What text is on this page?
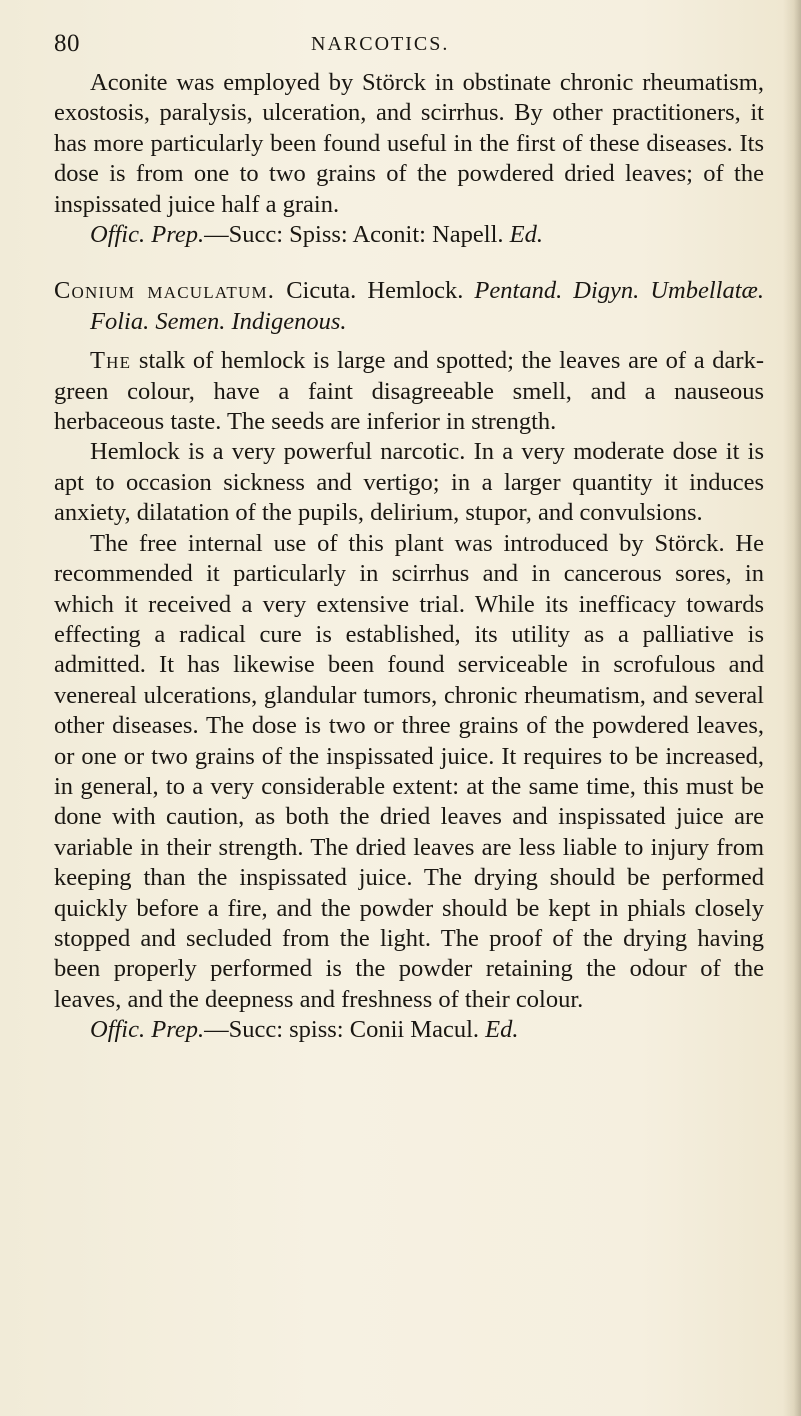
80	NARCOTICS.

Aconite was employed by Störck in obstinate chronic rheumatism, exostosis, paralysis, ulceration, and scirrhus. By other practitioners, it has more particularly been found useful in the first of these diseases. Its dose is from one to two grains of the powdered dried leaves; of the inspissated juice half a grain.

Offic. Prep.—Succ: Spiss: Aconit: Napell. Ed.

Conium maculatum. Cicuta. Hemlock. Pentand. Digyn. Umbellatæ. Folia. Semen. Indigenous.

The stalk of hemlock is large and spotted; the leaves are of a dark-green colour, have a faint disagreeable smell, and a nauseous herbaceous taste. The seeds are inferior in strength.

Hemlock is a very powerful narcotic. In a very moderate dose it is apt to occasion sickness and vertigo; in a larger quantity it induces anxiety, dilatation of the pupils, delirium, stupor, and convulsions.

The free internal use of this plant was introduced by Störck. He recommended it particularly in scirrhus and in cancerous sores, in which it received a very extensive trial. While its inefficacy towards effecting a radical cure is established, its utility as a palliative is admitted. It has likewise been found serviceable in scrofulous and venereal ulcerations, glandular tumors, chronic rheumatism, and several other diseases. The dose is two or three grains of the powdered leaves, or one or two grains of the inspissated juice. It requires to be increased, in general, to a very considerable extent: at the same time, this must be done with caution, as both the dried leaves and inspissated juice are variable in their strength. The dried leaves are less liable to injury from keeping than the inspissated juice. The drying should be performed quickly before a fire, and the powder should be kept in phials closely stopped and secluded from the light. The proof of the drying having been properly performed is the powder retaining the odour of the leaves, and the deepness and freshness of their colour.

Offic. Prep.—Succ: spiss: Conii Macul. Ed.
